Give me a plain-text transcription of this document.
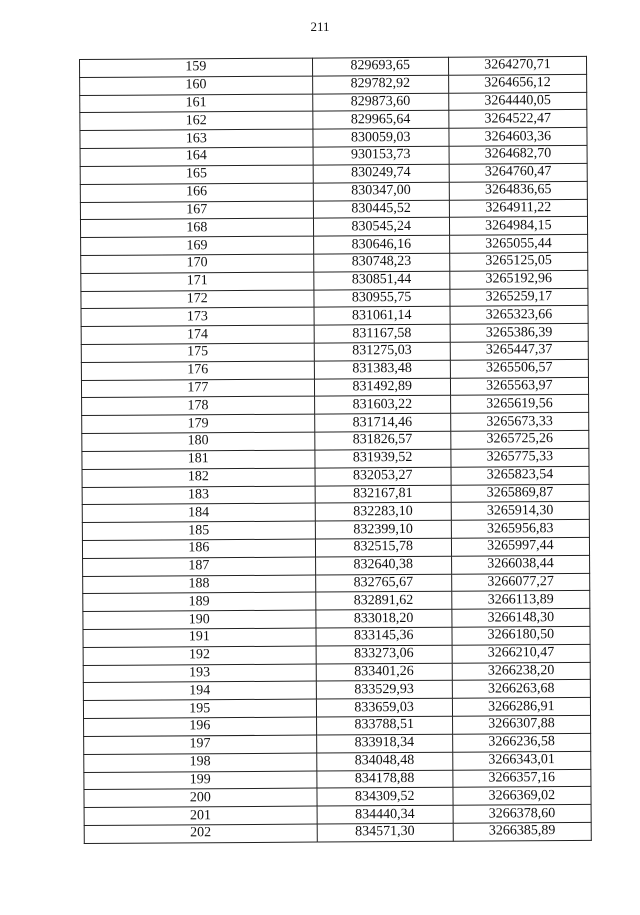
211
159	829693,65	3264270,71
160	829782,92	3264656,12
161	829873,60	3264440,05
162	829965,64	3264522,47
163	830059,03	3264603,36
164	930153,73	3264682,70
165	830249,74	3264760,47
166	830347,00	3264836,65
167	830445,52	3264911,22
168	830545,24	3264984,15
169	830646,16	3265055,44
170	830748,23	3265125,05
171	830851,44	3265192,96
172	830955,75	3265259,17
173	831061,14	3265323,66
174	831167,58	3265386,39
175	831275,03	3265447,37
176	831383,48	3265506,57
177	831492,89	3265563,97
178	831603,22	3265619,56
179	831714,46	3265673,33
180	831826,57	3265725,26
181	831939,52	3265775,33
182	832053,27	3265823,54
183	832167,81	3265869,87
184	832283,10	3265914,30
185	832399,10	3265956,83
186	832515,78	3265997,44
187	832640,38	3266038,44
188	832765,67	3266077,27
189	832891,62	3266113,89
190	833018,20	3266148,30
191	833145,36	3266180,50
192	833273,06	3266210,47
193	833401,26	3266238,20
194	833529,93	3266263,68
195	833659,03	3266286,91
196	833788,51	3266307,88
197	833918,34	3266236,58
198	834048,48	3266343,01
199	834178,88	3266357,16
200	834309,52	3266369,02
201	834440,34	3266378,60
202	834571,30	3266385,89
